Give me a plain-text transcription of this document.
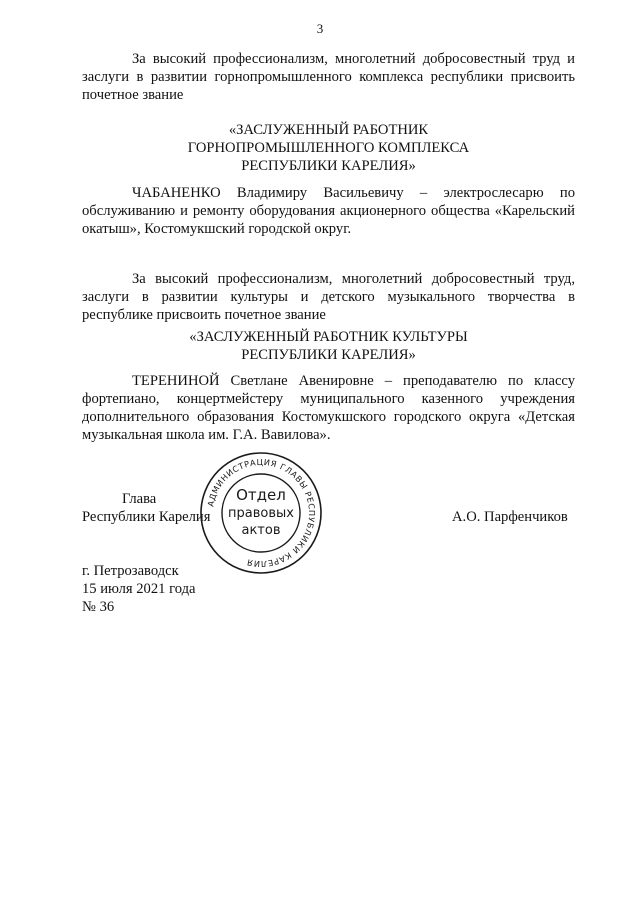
3
За высокий профессионализм, многолетний добросовестный труд и заслуги в развитии горнопромышленного комплекса республики присвоить почетное звание
«ЗАСЛУЖЕННЫЙ РАБОТНИК
ГОРНОПРОМЫШЛЕННОГО КОМПЛЕКСА
РЕСПУБЛИКИ КАРЕЛИЯ»
ЧАБАНЕНКО Владимиру Васильевичу – электрослесарю по обслуживанию и ремонту оборудования акционерного общества «Карельский окатыш», Костомукшский городской округ.
За высокий профессионализм, многолетний добросовестный труд, заслуги в развитии культуры и детского музыкального творчества в республике присвоить почетное звание
«ЗАСЛУЖЕННЫЙ РАБОТНИК КУЛЬТУРЫ
РЕСПУБЛИКИ КАРЕЛИЯ»
ТЕРЕНИНОЙ Светлане Авенировне – преподавателю по классу фортепиано, концертмейстеру муниципального казенного учреждения дополнительного образования Костомукшского городского округа «Детская музыкальная школа им. Г.А. Вавилова».
Глава
Республики Карелия	А.О. Парфенчиков
АДМИНИСТРАЦИЯ ГЛАВЫ РЕСПУБЛИКИ КАРЕЛИЯ
Отдел
правовых
актов
г. Петрозаводск
15 июля 2021 года
№ 36
